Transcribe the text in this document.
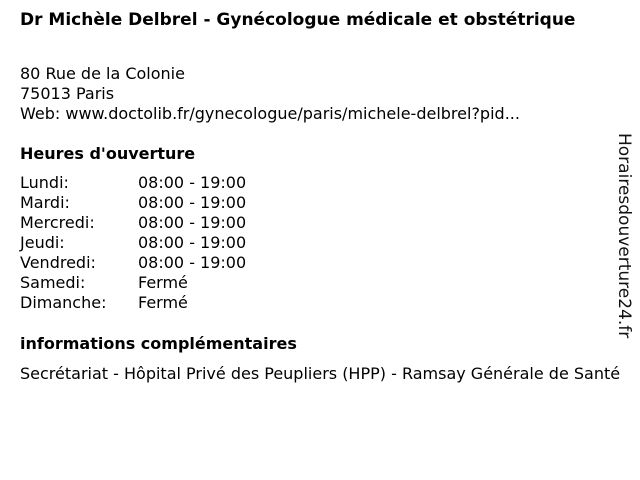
Dr Michèle Delbrel - Gynécologue médicale et obstétrique
80 Rue de la Colonie
75013 Paris
Web: www.doctolib.fr/gynecologue/paris/michele-delbrel?pid...
Heures d'ouverture
Lundi:	08:00 - 19:00
Mardi:	08:00 - 19:00
Mercredi:	08:00 - 19:00
Jeudi:	08:00 - 19:00
Vendredi:	08:00 - 19:00
Samedi:	Fermé
Dimanche: Fermé
informations complémentaires
Secrétariat - Hôpital Privé des Peupliers (HPP) - Ramsay Générale de Santé
Horairesdouverture24.fr
